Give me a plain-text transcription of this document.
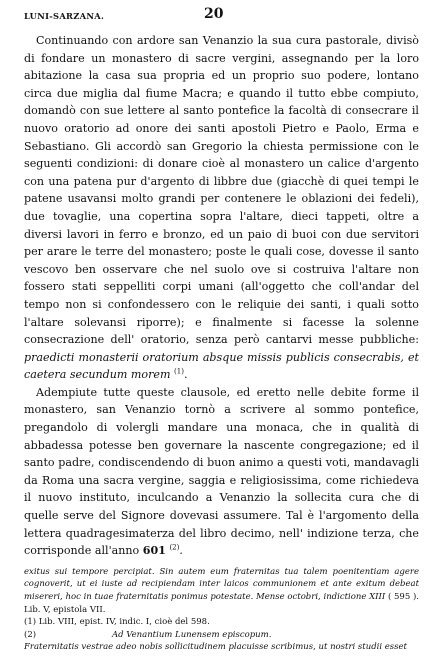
LUNI-SARZANA.	20

Continuando con ardore san Venanzio la sua cura pastorale, divisò di fondare un monastero di sacre vergini, assegnando per la loro abitazione la casa sua propria ed un proprio suo podere, lontano circa due miglia dal fiume Macra; e quando il tutto ebbe compiuto, domandò con sue lettere al santo pontefice la facoltà di consecrare il nuovo oratorio ad onore dei santi apostoli Pietro e Paolo, Erma e Sebastiano. Gli accordò san Gregorio la chiesta permissione con le seguenti condizioni: di donare cioè al monastero un calice d'argento con una patena pur d'argento di libbre due (giacchè di quei tempi le patene usavansi molto grandi per contenere le oblazioni dei fedeli), due tovaglie, una copertina sopra l'altare, dieci tappeti, oltre a diversi lavori in ferro e bronzo, ed un paio di buoi con due servitori per arare le terre del monastero; poste le quali cose, dovesse il santo vescovo ben osservare che nel suolo ove si costruiva l'altare non fossero stati seppelliti corpi umani (all'oggetto che coll'andar del tempo non si confondessero con le reliquie dei santi, i quali sotto l'altare solevansi riporre); e finalmente si facesse la solenne consecrazione dell' oratorio, senza però cantarvi messe pubbliche: praedicti monasterii oratorium absque missis publicis consecrabis, et caetera secundum morem $^{(1)}$.

Adempiute tutte queste clausole, ed eretto nelle debite forme il monastero, san Venanzio tornò a scrivere al sommo pontefice, pregandolo di volergli mandare una monaca, che in qualità di abbadessa potesse ben governare la nascente congregazione; ed il santo padre, condiscendendo di buon animo a questi voti, mandavagli da Roma una sacra vergine, saggia e religiosissima, come richiedeva il nuovo instituto, inculcando a Venanzio la sollecita cura che di quelle serve del Signore dovevasi assumere. Tal è l'argomento della lettera quadragesimaterza del libro decimo, nell' indizione terza, che corrisponde all'anno 601 $^{(2)}$.

exitus sui tempore percipiat. Sin autem eum fraternitas tua talem poenitentiam agere cognoverit, ut ei iuste ad recipiendam inter laicos communionem et ante exitum debeat misereri, hoc in tuae fraternitatis ponimus potestate. Mense octobri, indictione XIII ( 595 ). Lib. V, epistola VII.

(1) Lib. VIII, epist. IV, indic. I, cioè del 598.

(2)	Ad Venantium Lunensem episcopum.

Fraternitatis vestrae adeo nobis sollicitudinem placuisse scribimus, ut nostri studii esset
